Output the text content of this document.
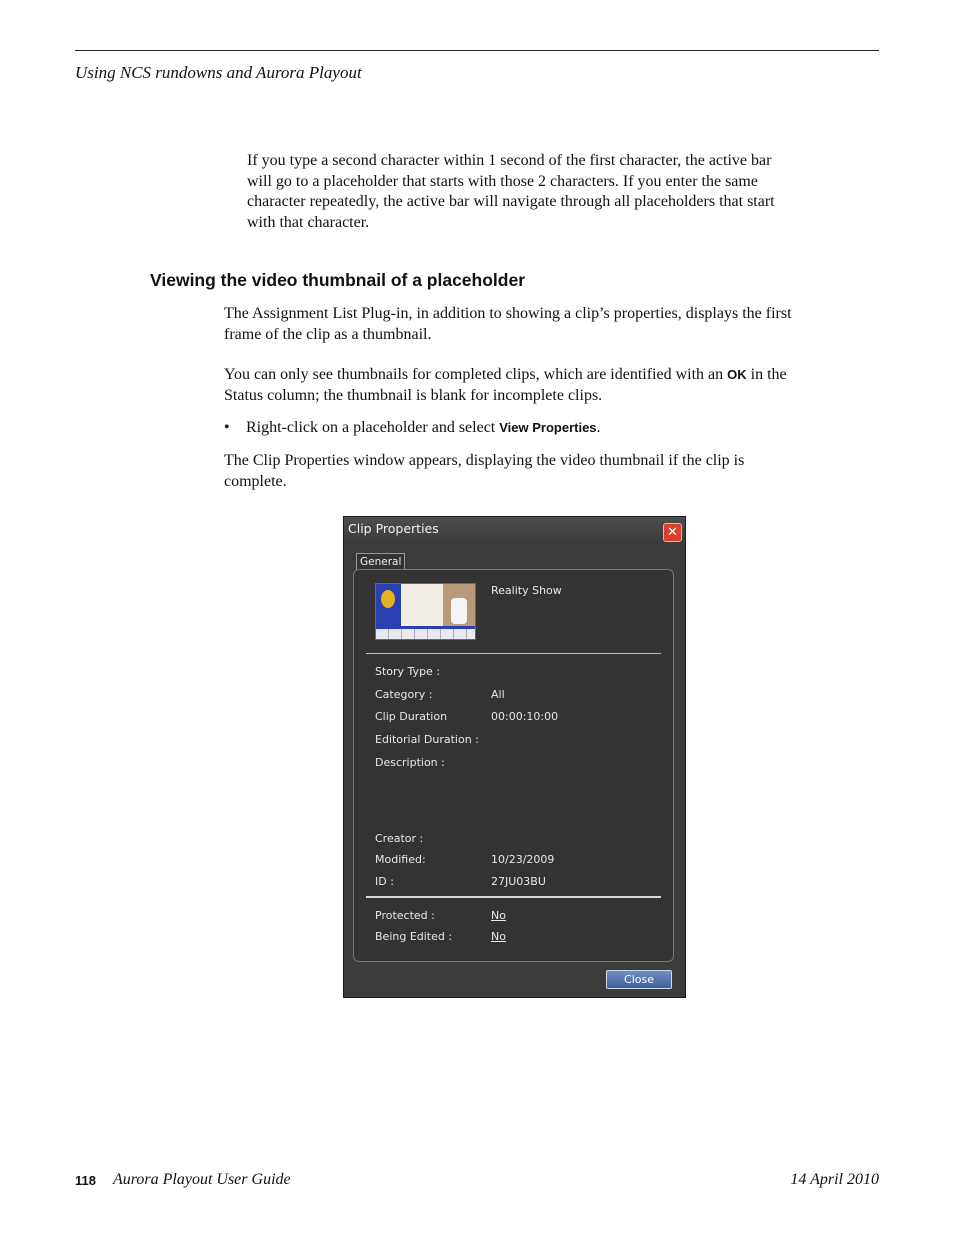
Using NCS rundowns and Aurora Playout

If you type a second character within 1 second of the first character, the active bar will go to a placeholder that starts with those 2 characters. If you enter the same character repeatedly, the active bar will navigate through all placeholders that start with that character.

Viewing the video thumbnail of a placeholder

The Assignment List Plug-in, in addition to showing a clip’s properties, displays the first frame of the clip as a thumbnail.

You can only see thumbnails for completed clips, which are identified with an OK in the Status column; the thumbnail is blank for incomplete clips.

• Right-click on a placeholder and select View Properties.

The Clip Properties window appears, displaying the video thumbnail if the clip is complete.

Clip Properties	✕
General
Reality Show
Story Type :
Category :	All
Clip Duration	00:00:10:00
Editorial Duration :
Description :
Creator :
Modified:	10/23/2009
ID :	27JU03BU
Protected :	No
Being Edited :	No
Close
118 Aurora Playout User Guide	14 April 2010
